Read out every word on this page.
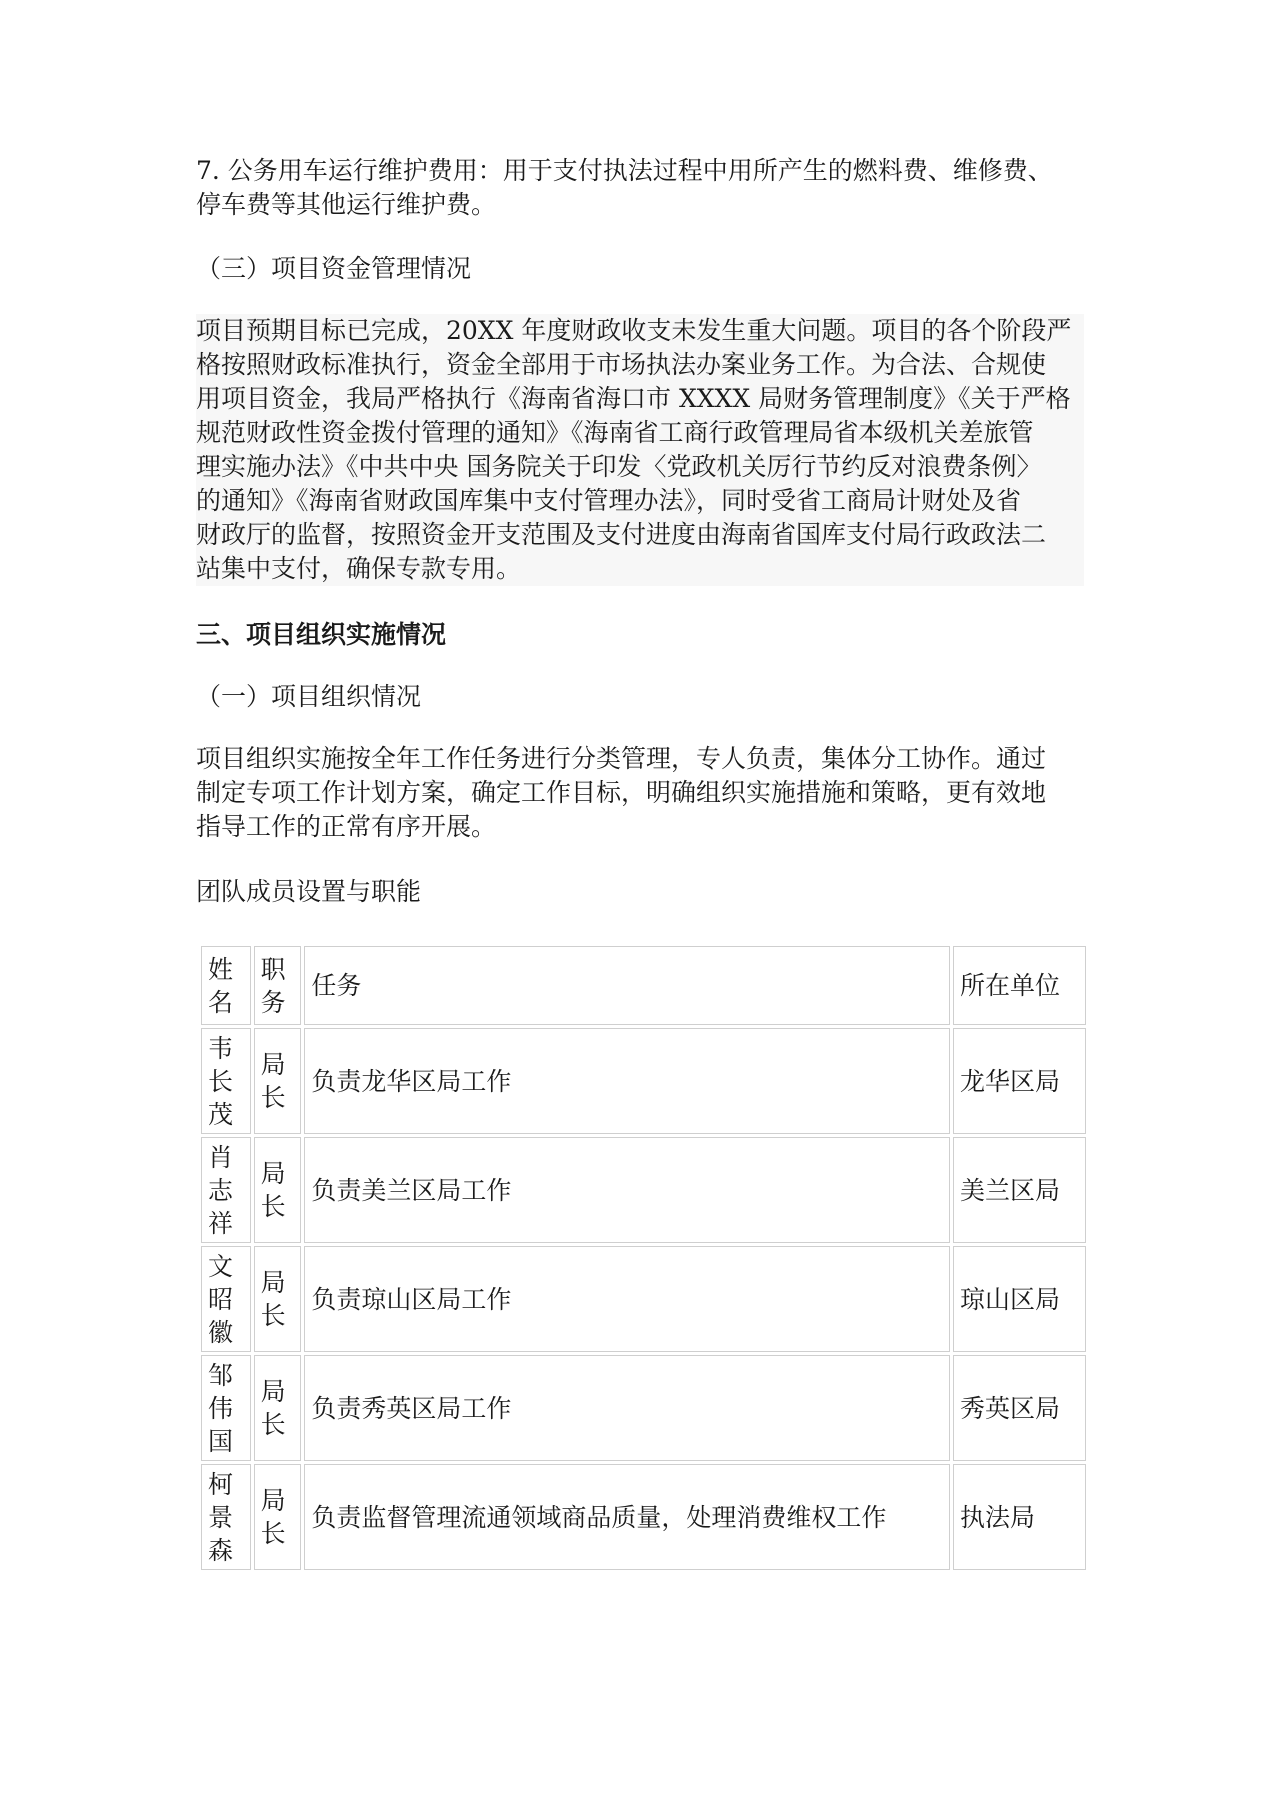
7. 公务用车运行维护费用：用于支付执法过程中用所产生的燃料费、维修费、
停车费等其他运行维护费。
（三）项目资金管理情况
项目预期目标已完成，20XX 年度财政收支未发生重大问题。项目的各个阶段严
格按照财政标准执行，资金全部用于市场执法办案业务工作。为合法、合规使
用项目资金，我局严格执行《海南省海口市 XXXX 局财务管理制度》《关于严格
规范财政性资金拨付管理的通知》《海南省工商行政管理局省本级机关差旅管
理实施办法》《中共中央 国务院关于印发〈党政机关厉行节约反对浪费条例〉
的通知》《海南省财政国库集中支付管理办法》，同时受省工商局计财处及省
财政厅的监督，按照资金开支范围及支付进度由海南省国库支付局行政政法二
站集中支付，确保专款专用。
三、项目组织实施情况
（一）项目组织情况
项目组织实施按全年工作任务进行分类管理，专人负责，集体分工协作。通过
制定专项工作计划方案，确定工作目标，明确组织实施措施和策略，更有效地
指导工作的正常有序开展。
团队成员设置与职能
姓
名	职
务	任务	所在单位

韦
长
茂	局
长	负责龙华区局工作	龙华区局

肖
志
祥	局
长	负责美兰区局工作	美兰区局

文
昭
徽	局
长	负责琼山区局工作	琼山区局

邹
伟
国	局
长	负责秀英区局工作	秀英区局

柯
景
森	局
长	负责监督管理流通领域商品质量，处理消费维权工作	执法局
